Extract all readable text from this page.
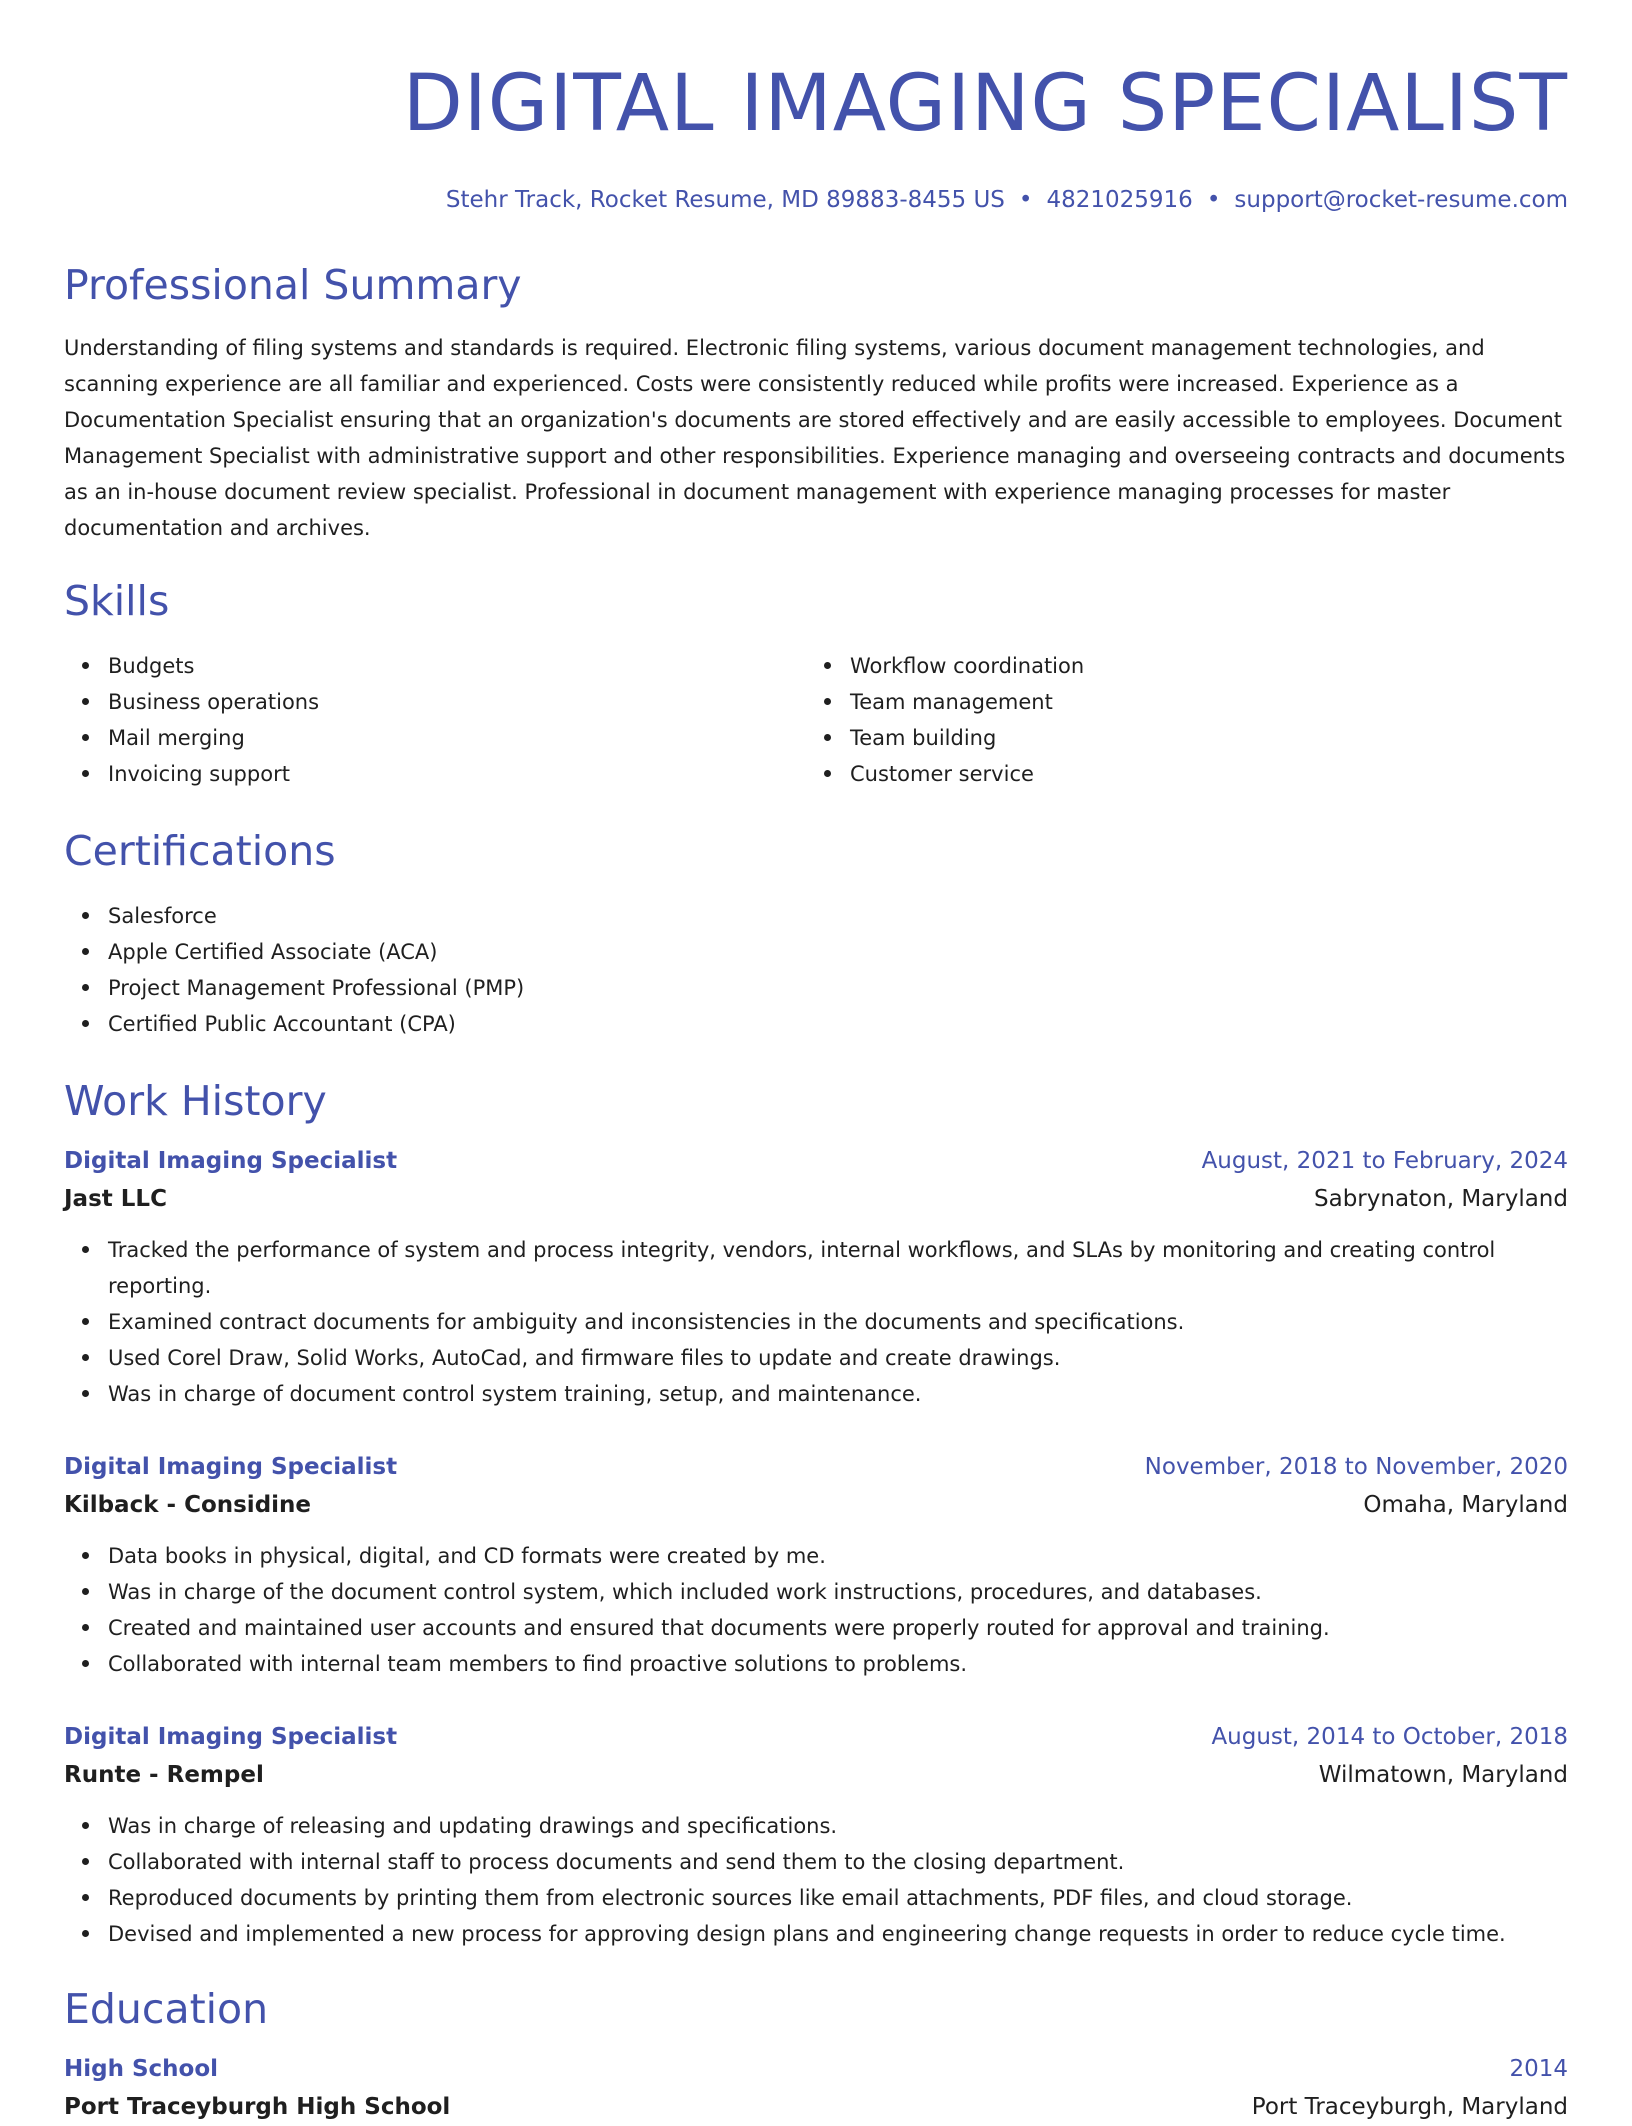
DIGITAL IMAGING SPECIALIST
Stehr Track, Rocket Resume, MD 89883-8455 US • 4821025916 • support@rocket-resume.com
Professional Summary
Understanding of filing systems and standards is required. Electronic filing systems, various document management technologies, and scanning experience are all familiar and experienced. Costs were consistently reduced while profits were increased. Experience as a Documentation Specialist ensuring that an organization's documents are stored effectively and are easily accessible to employees. Document Management Specialist with administrative support and other responsibilities. Experience managing and overseeing contracts and documents as an in-house document review specialist. Professional in document management with experience managing processes for master documentation and archives.
Skills
Budgets
Business operations
Mail merging
Invoicing support
Workflow coordination
Team management
Team building
Customer service
Certifications
Salesforce
Apple Certified Associate (ACA)
Project Management Professional (PMP)
Certified Public Accountant (CPA)
Work History
Digital Imaging Specialist	August, 2021 to February, 2024
Jast LLC	Sabrynaton, Maryland
Tracked the performance of system and process integrity, vendors, internal workflows, and SLAs by monitoring and creating control reporting.
Examined contract documents for ambiguity and inconsistencies in the documents and specifications.
Used Corel Draw, Solid Works, AutoCad, and firmware files to update and create drawings.
Was in charge of document control system training, setup, and maintenance.
Digital Imaging Specialist	November, 2018 to November, 2020
Kilback - Considine	Omaha, Maryland
Data books in physical, digital, and CD formats were created by me.
Was in charge of the document control system, which included work instructions, procedures, and databases.
Created and maintained user accounts and ensured that documents were properly routed for approval and training.
Collaborated with internal team members to find proactive solutions to problems.
Digital Imaging Specialist	August, 2014 to October, 2018
Runte - Rempel	Wilmatown, Maryland
Was in charge of releasing and updating drawings and specifications.
Collaborated with internal staff to process documents and send them to the closing department.
Reproduced documents by printing them from electronic sources like email attachments, PDF files, and cloud storage.
Devised and implemented a new process for approving design plans and engineering change requests in order to reduce cycle time.
Education
High School	2014
Port Traceyburgh High School	Port Traceyburgh, Maryland
